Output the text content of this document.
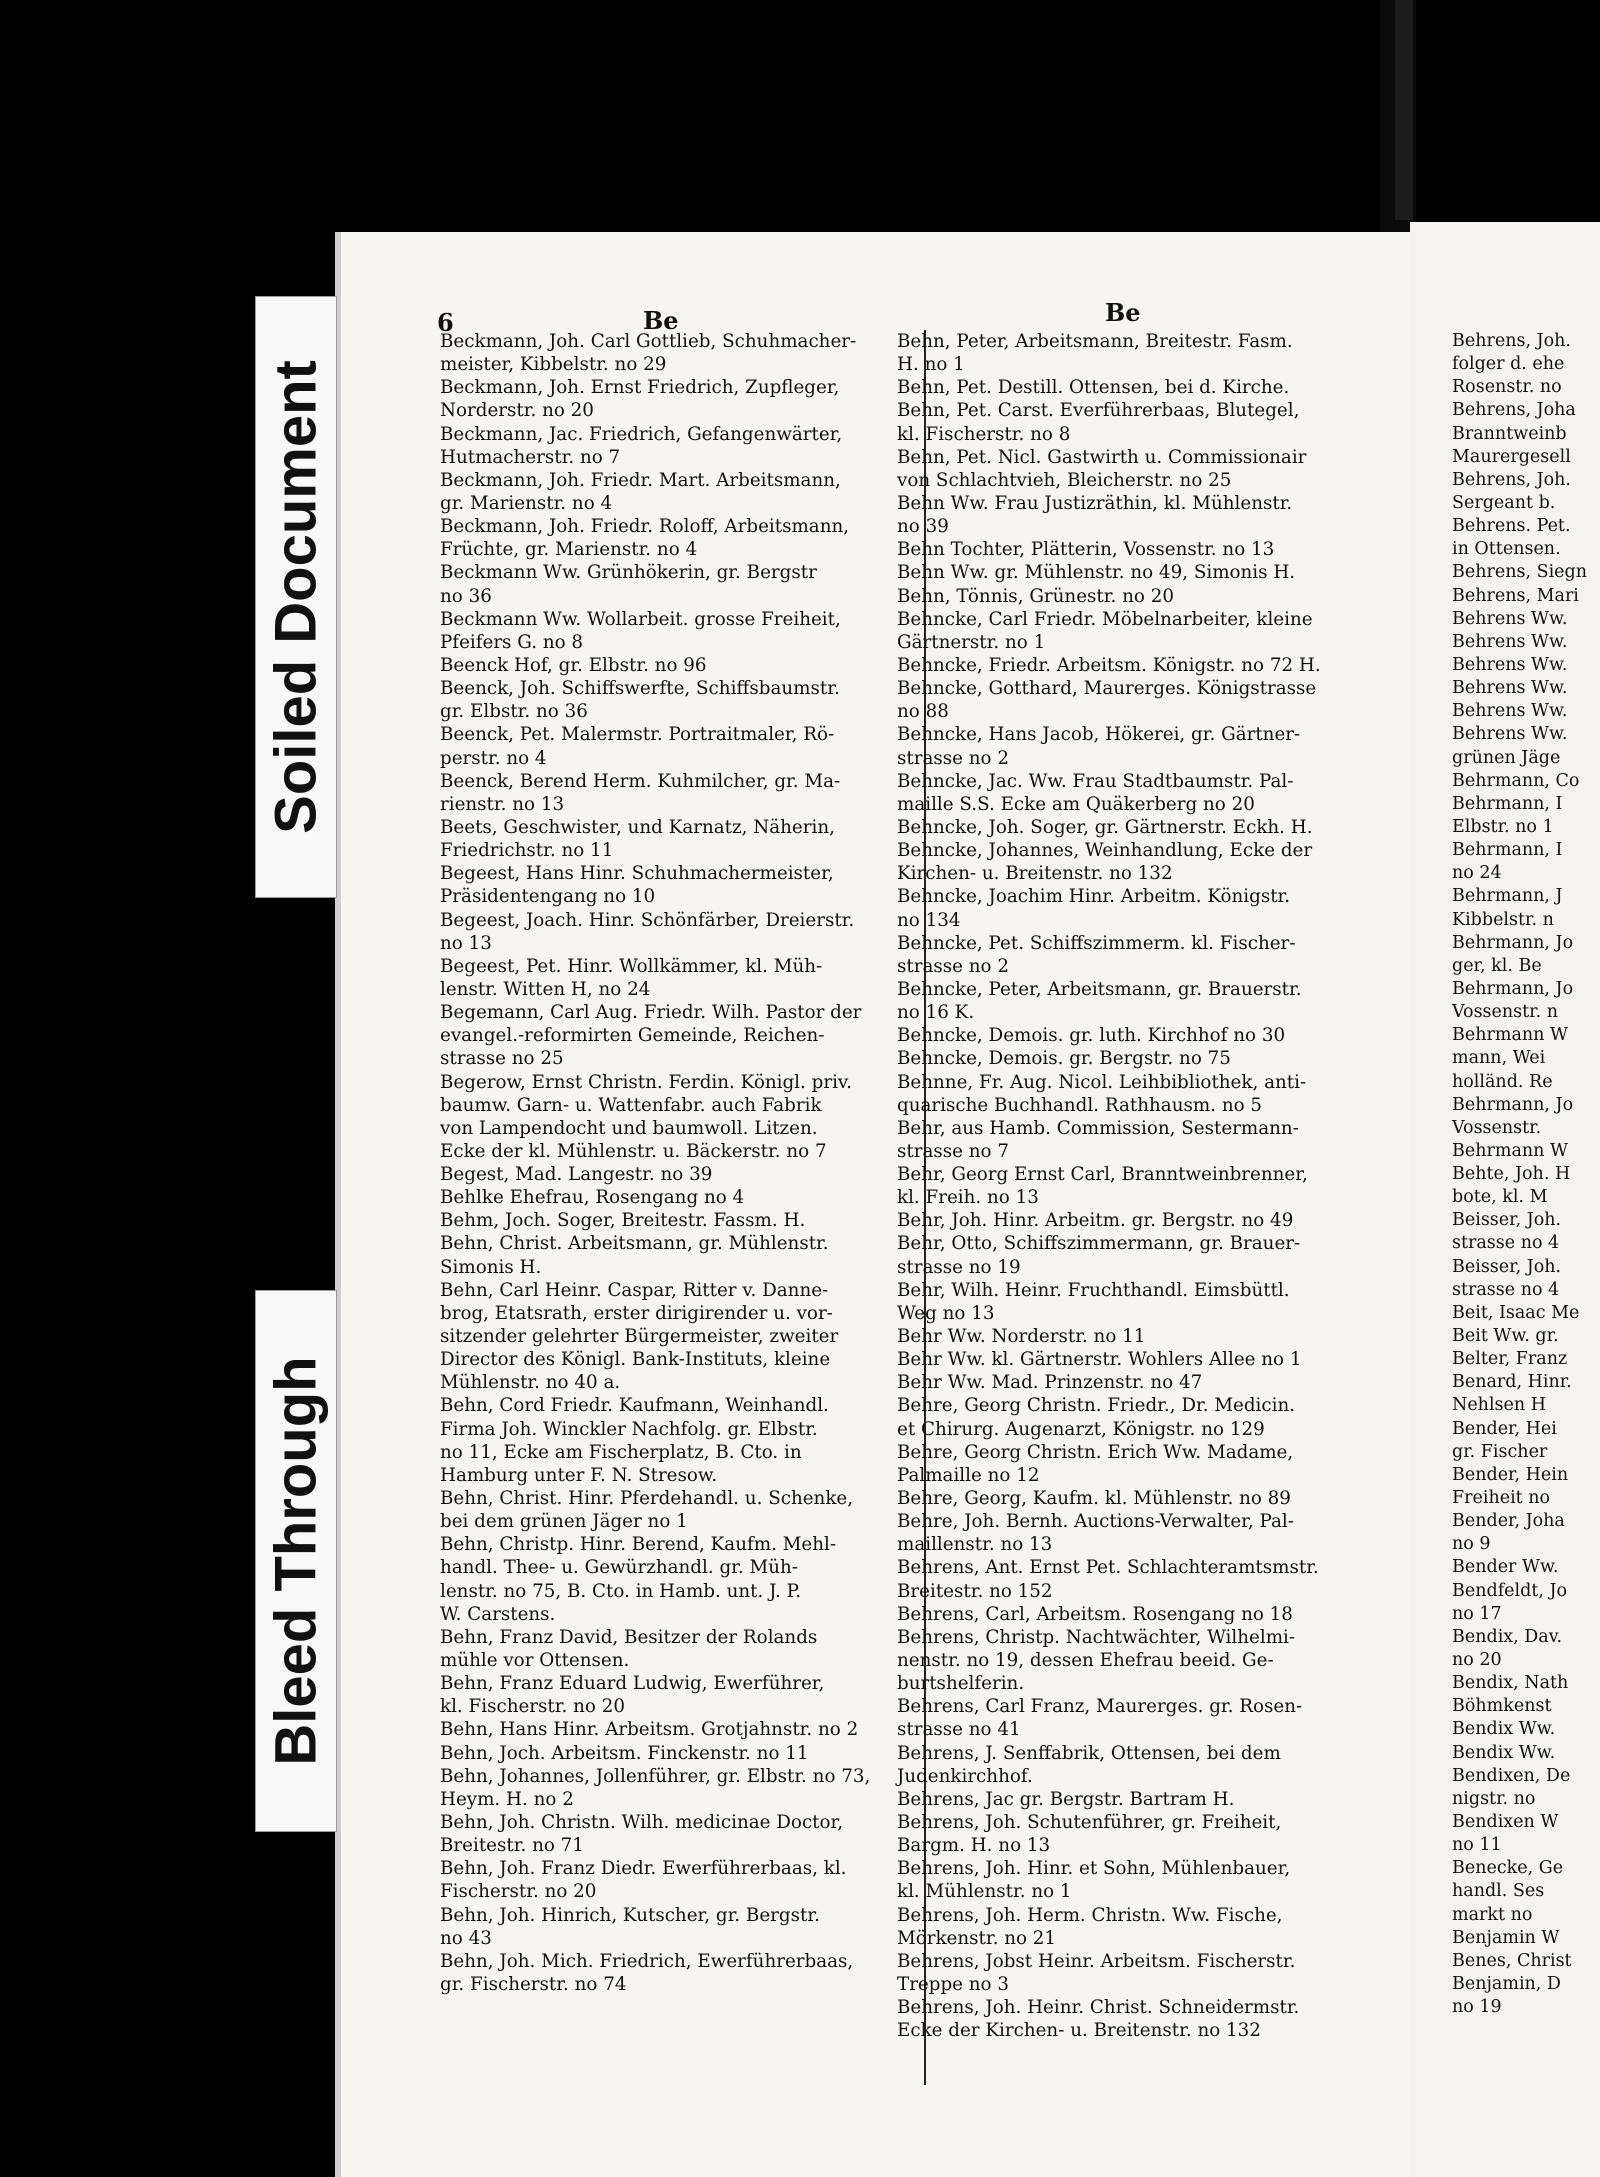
Soiled Document
Bleed Through
6	Be	Be
Beckmann, Joh. Carl Gottlieb, Schuhmacher-
meister, Kibbelstr. no 29
Beckmann, Joh. Ernst Friedrich, Zupfleger,
Norderstr. no 20
Beckmann, Jac. Friedrich, Gefangenwärter,
Hutmacherstr. no 7
Beckmann, Joh. Friedr. Mart. Arbeitsmann,
gr. Marienstr. no 4
Beckmann, Joh. Friedr. Roloff, Arbeitsmann,
Früchte, gr. Marienstr. no 4
Beckmann Ww. Grünhökerin, gr. Bergstr
no 36
Beckmann Ww. Wollarbeit. grosse Freiheit,
Pfeifers G. no 8
Beenck Hof, gr. Elbstr. no 96
Beenck, Joh. Schiffswerfte, Schiffsbaumstr.
gr. Elbstr. no 36
Beenck, Pet. Malermstr. Portraitmaler, Rö-
perstr. no 4
Beenck, Berend Herm. Kuhmilcher, gr. Ma-
rienstr. no 13
Beets, Geschwister, und Karnatz, Näherin,
Friedrichstr. no 11
Begeest, Hans Hinr. Schuhmachermeister,
Präsidentengang no 10
Begeest, Joach. Hinr. Schönfärber, Dreierstr.
no 13
Begeest, Pet. Hinr. Wollkämmer, kl. Müh-
lenstr. Witten H, no 24
Begemann, Carl Aug. Friedr. Wilh. Pastor der
evangel.-reformirten Gemeinde, Reichen-
strasse no 25
Begerow, Ernst Christn. Ferdin. Königl. priv.
baumw. Garn- u. Wattenfabr. auch Fabrik
von Lampendocht und baumwoll. Litzen.
Ecke der kl. Mühlenstr. u. Bäckerstr. no 7
Begest, Mad. Langestr. no 39
Behlke Ehefrau, Rosengang no 4
Behm, Joch. Soger, Breitestr. Fassm. H.
Behn, Christ. Arbeitsmann, gr. Mühlenstr.
Simonis H.
Behn, Carl Heinr. Caspar, Ritter v. Danne-
brog, Etatsrath, erster dirigirender u. vor-
sitzender gelehrter Bürgermeister, zweiter
Director des Königl. Bank-Instituts, kleine
Mühlenstr. no 40 a.
Behn, Cord Friedr. Kaufmann, Weinhandl.
Firma Joh. Winckler Nachfolg. gr. Elbstr.
no 11, Ecke am Fischerplatz, B. Cto. in
Hamburg unter F. N. Stresow.
Behn, Christ. Hinr. Pferdehandl. u. Schenke,
bei dem grünen Jäger no 1
Behn, Christp. Hinr. Berend, Kaufm. Mehl-
handl. Thee- u. Gewürzhandl. gr. Müh-
lenstr. no 75, B. Cto. in Hamb. unt. J. P.
W. Carstens.
Behn, Franz David, Besitzer der Rolands
mühle vor Ottensen.
Behn, Franz Eduard Ludwig, Ewerführer,
kl. Fischerstr. no 20
Behn, Hans Hinr. Arbeitsm. Grotjahnstr. no 2
Behn, Joch. Arbeitsm. Finckenstr. no 11
Behn, Johannes, Jollenführer, gr. Elbstr. no 73,
Heym. H. no 2
Behn, Joh. Christn. Wilh. medicinae Doctor,
Breitestr. no 71
Behn, Joh. Franz Diedr. Ewerführerbaas, kl.
Fischerstr. no 20
Behn, Joh. Hinrich, Kutscher, gr. Bergstr.
no 43
Behn, Joh. Mich. Friedrich, Ewerführerbaas,
gr. Fischerstr. no 74
Behn, Peter, Arbeitsmann, Breitestr. Fasm.
H. no 1
Behn, Pet. Destill. Ottensen, bei d. Kirche.
Behn, Pet. Carst. Everführerbaas, Blutegel,
kl. Fischerstr. no 8
Behn, Pet. Nicl. Gastwirth u. Commissionair
von Schlachtvieh, Bleicherstr. no 25
Behn Ww. Frau Justizräthin, kl. Mühlenstr.
no 39
Behn Tochter, Plätterin, Vossenstr. no 13
Behn Ww. gr. Mühlenstr. no 49, Simonis H.
Behn, Tönnis, Grünestr. no 20
Behncke, Carl Friedr. Möbelnarbeiter, kleine
Gärtnerstr. no 1
Behncke, Friedr. Arbeitsm. Königstr. no 72 H.
Behncke, Gotthard, Maurerges. Königstrasse
no 88
Behncke, Hans Jacob, Hökerei, gr. Gärtner-
strasse no 2
Behncke, Jac. Ww. Frau Stadtbaumstr. Pal-
maille S.S. Ecke am Quäkerberg no 20
Behncke, Joh. Soger, gr. Gärtnerstr. Eckh. H.
Behncke, Johannes, Weinhandlung, Ecke der
Kirchen- u. Breitenstr. no 132
Behncke, Joachim Hinr. Arbeitm. Königstr.
no 134
Behncke, Pet. Schiffszimmerm. kl. Fischer-
strasse no 2
Behncke, Peter, Arbeitsmann, gr. Brauerstr.
no 16 K.
Behncke, Demois. gr. luth. Kirchhof no 30
Behncke, Demois. gr. Bergstr. no 75
Behnne, Fr. Aug. Nicol. Leihbibliothek, anti-
quarische Buchhandl. Rathhausm. no 5
Behr, aus Hamb. Commission, Sestermann-
strasse no 7
Behr, Georg Ernst Carl, Branntweinbrenner,
kl. Freih. no 13
Behr, Joh. Hinr. Arbeitm. gr. Bergstr. no 49
Behr, Otto, Schiffszimmermann, gr. Brauer-
strasse no 19
Behr, Wilh. Heinr. Fruchthandl. Eimsbüttl.
Weg no 13
Behr Ww. Norderstr. no 11
Behr Ww. kl. Gärtnerstr. Wohlers Allee no 1
Behr Ww. Mad. Prinzenstr. no 47
Behre, Georg Christn. Friedr., Dr. Medicin.
et Chirurg. Augenarzt, Königstr. no 129
Behre, Georg Christn. Erich Ww. Madame,
Palmaille no 12
Behre, Georg, Kaufm. kl. Mühlenstr. no 89
Behre, Joh. Bernh. Auctions-Verwalter, Pal-
maillenstr. no 13
Behrens, Ant. Ernst Pet. Schlachteramtsmstr.
Breitestr. no 152
Behrens, Carl, Arbeitsm. Rosengang no 18
Behrens, Christp. Nachtwächter, Wilhelmi-
nenstr. no 19, dessen Ehefrau beeid. Ge-
burtshelferin.
Behrens, Carl Franz, Maurerges. gr. Rosen-
strasse no 41
Behrens, J. Senffabrik, Ottensen, bei dem
Judenkirchhof.
Behrens, Jac gr. Bergstr. Bartram H.
Behrens, Joh. Schutenführer, gr. Freiheit,
Bargm. H. no 13
Behrens, Joh. Hinr. et Sohn, Mühlenbauer,
kl. Mühlenstr. no 1
Behrens, Joh. Herm. Christn. Ww. Fische,
Mörkenstr. no 21
Behrens, Jobst Heinr. Arbeitsm. Fischerstr.
Treppe no 3
Behrens, Joh. Heinr. Christ. Schneidermstr.
Ecke der Kirchen- u. Breitenstr. no 132
Behrens, Joh.
folger d. ehe
Rosenstr. no
Behrens, Joha
Branntweinb
Maurergesell
Behrens, Joh.
Sergeant b.
Behrens. Pet.
in Ottensen.
Behrens, Siegn
Behrens, Mari
Behrens Ww.
Behrens Ww.
Behrens Ww.
Behrens Ww.
Behrens Ww.
Behrens Ww.
grünen Jäge
Behrmann, Co
Behrmann, I
Elbstr. no 1
Behrmann, I
no 24
Behrmann, J
Kibbelstr. n
Behrmann, Jo
ger, kl. Be
Behrmann, Jo
Vossenstr. n
Behrmann W
mann, Wei
holländ. Re
Behrmann, Jo
Vossenstr.
Behrmann W
Behte, Joh. H
bote, kl. M
Beisser, Joh.
strasse no 4
Beisser, Joh.
strasse no 4
Beit, Isaac Me
Beit Ww. gr.
Belter, Franz
Benard, Hinr.
Nehlsen H
Bender, Hei
gr. Fischer
Bender, Hein
Freiheit no
Bender, Joha
no 9
Bender Ww.
Bendfeldt, Jo
no 17
Bendix, Dav.
no 20
Bendix, Nath
Böhmkenst
Bendix Ww.
Bendix Ww.
Bendixen, De
nigstr. no
Bendixen W
no 11
Benecke, Ge
handl. Ses
markt no
Benjamin W
Benes, Christ
Benjamin, D
no 19
